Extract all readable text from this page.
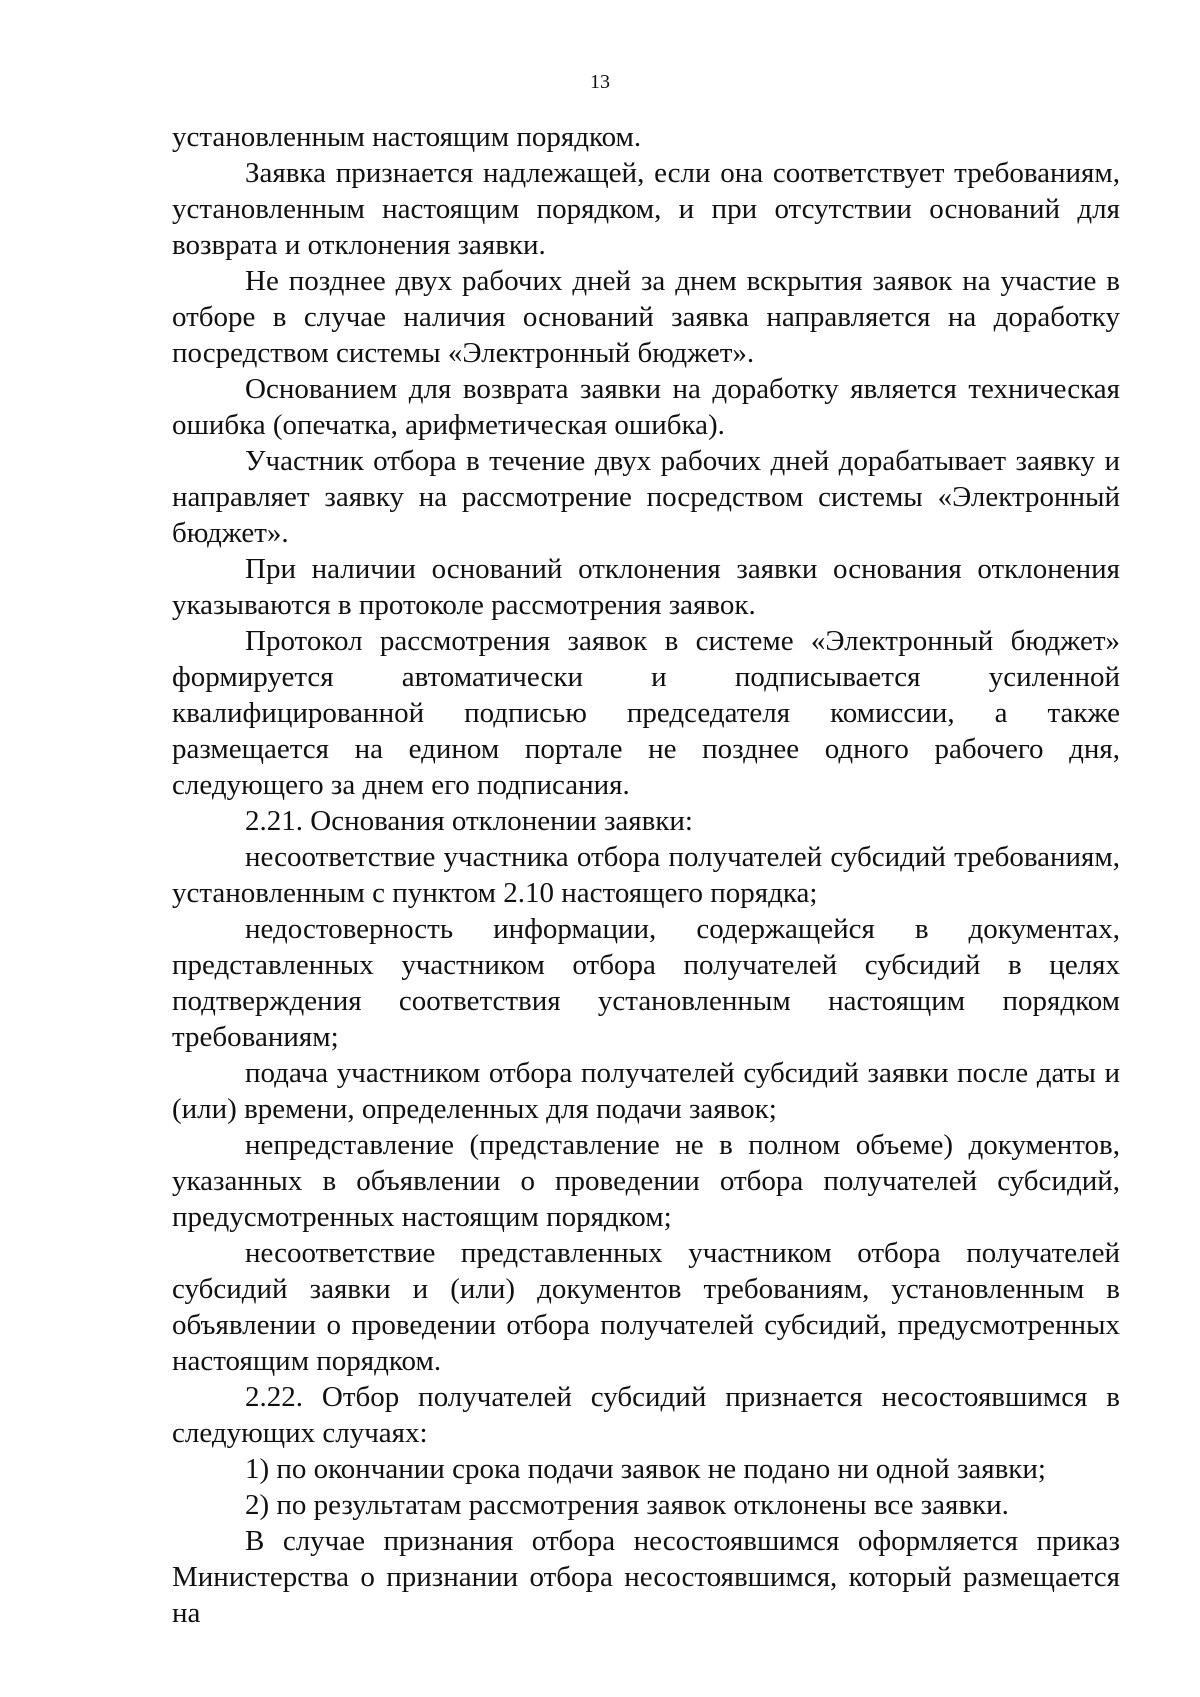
13

установленным настоящим порядком.

Заявка признается надлежащей, если она соответствует требованиям, установленным настоящим порядком, и при отсутствии оснований для возврата и отклонения заявки.

Не позднее двух рабочих дней за днем вскрытия заявок на участие в отборе в случае наличия оснований заявка направляется на доработку посредством системы «Электронный бюджет».

Основанием для возврата заявки на доработку является техническая ошибка (опечатка, арифметическая ошибка).

Участник отбора в течение двух рабочих дней дорабатывает заявку и направляет заявку на рассмотрение посредством системы «Электронный бюджет».

При наличии оснований отклонения заявки основания отклонения указываются в протоколе рассмотрения заявок.

Протокол рассмотрения заявок в системе «Электронный бюджет» формируется автоматически и подписывается усиленной квалифицированной подписью председателя комиссии, а также размещается на едином портале не позднее одного рабочего дня, следующего за днем его подписания.

2.21. Основания отклонении заявки:

несоответствие участника отбора получателей субсидий требованиям, установленным с пунктом 2.10 настоящего порядка;

недостоверность информации, содержащейся в документах, представленных участником отбора получателей субсидий в целях подтверждения соответствия установленным настоящим порядком требованиям;

подача участником отбора получателей субсидий заявки после даты и (или) времени, определенных для подачи заявок;

непредставление (представление не в полном объеме) документов, указанных в объявлении о проведении отбора получателей субсидий, предусмотренных настоящим порядком;

несоответствие представленных участником отбора получателей субсидий заявки и (или) документов требованиям, установленным в объявлении о проведении отбора получателей субсидий, предусмотренных настоящим порядком.

2.22. Отбор получателей субсидий признается несостоявшимся в следующих случаях:

1) по окончании срока подачи заявок не подано ни одной заявки;

2) по результатам рассмотрения заявок отклонены все заявки.

В случае признания отбора несостоявшимся оформляется приказ Министерства о признании отбора несостоявшимся, который размещается на
